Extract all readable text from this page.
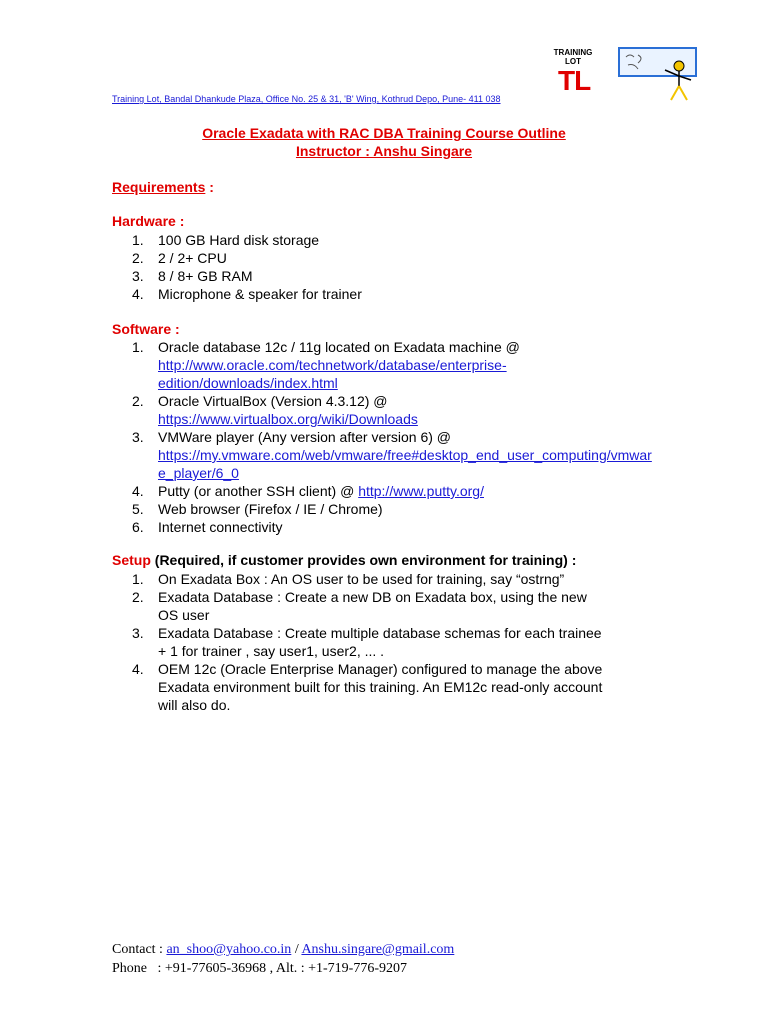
TRAINING
LOT
TL
Training Lot, Bandal Dhankude Plaza, Office No. 25 & 31, 'B' Wing, Kothrud Depo, Pune- 411 038
Oracle Exadata with RAC DBA Training Course Outline
Instructor : Anshu Singare
Requirements :
Hardware :
1. 100 GB Hard disk storage
2. 2 / 2+ CPU
3. 8 / 8+ GB RAM
4. Microphone & speaker for trainer
Software :
1. Oracle database 12c / 11g located on Exadata machine @
http://www.oracle.com/technetwork/database/enterprise-edition/downloads/index.html
2. Oracle VirtualBox (Version 4.3.12) @
https://www.virtualbox.org/wiki/Downloads
3. VMWare player (Any version after version 6) @
https://my.vmware.com/web/vmware/free#desktop_end_user_computing/vmware_player/6_0
4. Putty (or another SSH client) @ http://www.putty.org/
5. Web browser (Firefox / IE / Chrome)
6. Internet connectivity
Setup (Required, if customer provides own environment for training) :
1. On Exadata Box : An OS user to be used for training, say “ostrng”
2. Exadata Database : Create a new DB on Exadata box, using the new OS user
3. Exadata Database : Create multiple database schemas for each trainee + 1 for trainer , say user1, user2, ... .
4. OEM 12c (Oracle Enterprise Manager) configured to manage the above Exadata environment built for this training. An EM12c read-only account will also do.
Contact : an_shoo@yahoo.co.in / Anshu.singare@gmail.com
Phone   : +91-77605-36968 , Alt. : +1-719-776-9207
